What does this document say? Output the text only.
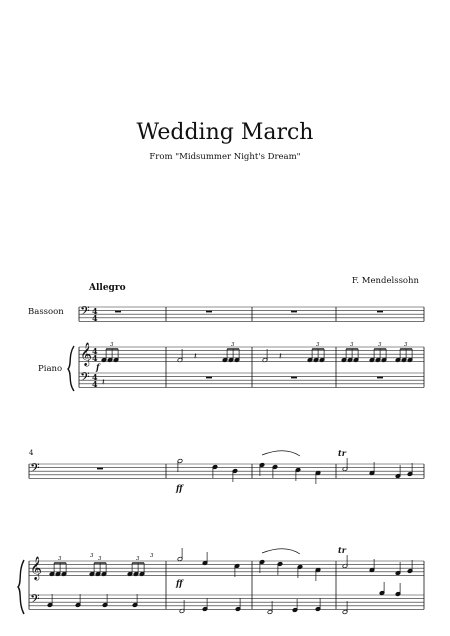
Wedding March
From "Midsummer Night's Dream"
F. Mendelssohn
Allegro
Bassoon
Piano
4
𝄢
𝄞
𝄢
4
4
4
4
4
4
𝄢
𝄞
𝄢
𝄽	𝄽
𝄽
3	3	3	3	3	3
f
3	3	3
3	3
tr
tr
ff
ff
